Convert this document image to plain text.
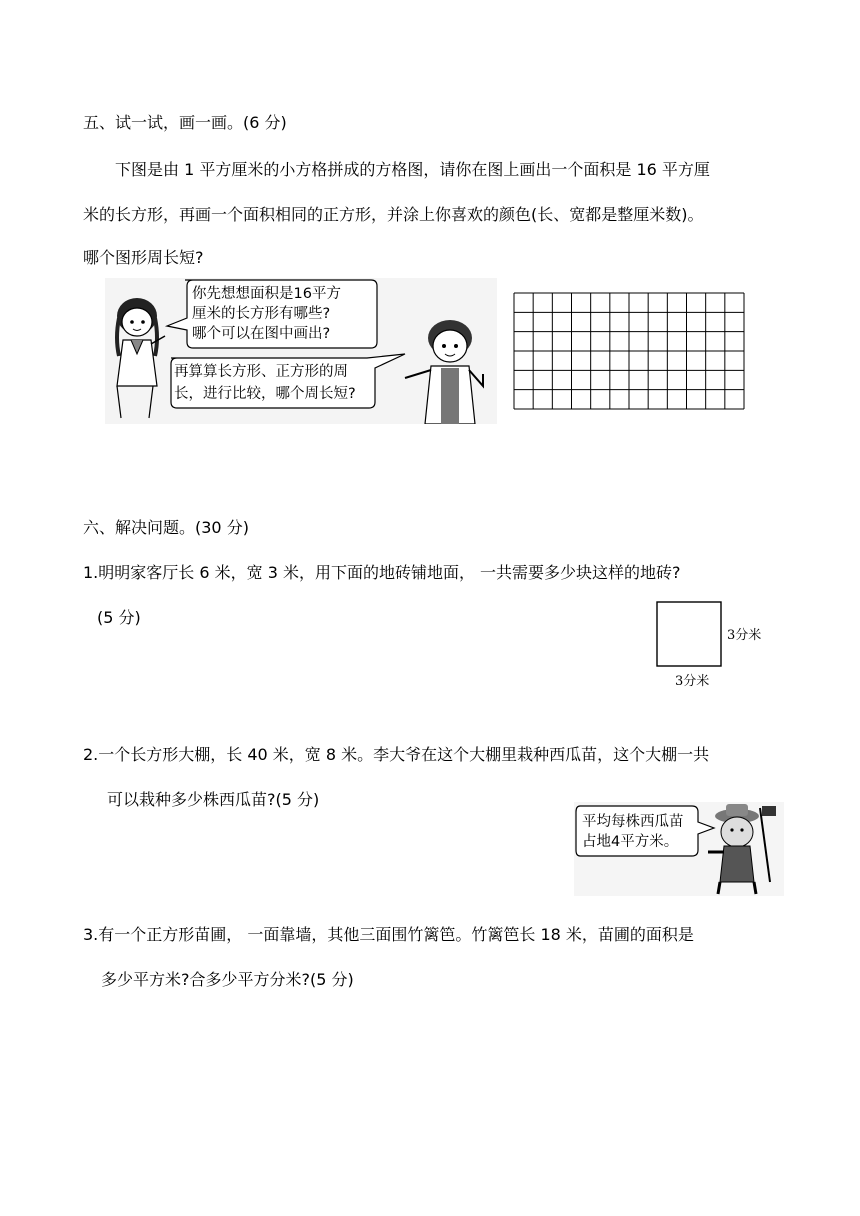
五、试一试，画一画。(6 分)
下图是由 1 平方厘米的小方格拼成的方格图，请你在图上画出一个面积是 16 平方厘
米的长方形，再画一个面积相同的正方形，并涂上你喜欢的颜色(长、宽都是整厘米数)。
哪个图形周长短?
你先想想面积是16平方
厘米的长方形有哪些?
哪个可以在图中画出?
再算算长方形、正方形的周
长，进行比较，哪个周长短?
六、解决问题。(30 分)
1.明明家客厅长 6 米，宽 3 米，用下面的地砖铺地面， 一共需要多少块这样的地砖?
(5 分)
3分米
3分米
2.一个长方形大棚，长 40 米，宽 8 米。李大爷在这个大棚里栽种西瓜苗，这个大棚一共
可以栽种多少株西瓜苗?(5 分)
平均每株西瓜苗
占地4平方米。
3.有一个正方形苗圃， 一面靠墙，其他三面围竹篱笆。竹篱笆长 18 米，苗圃的面积是
多少平方米?合多少平方分米?(5 分)
